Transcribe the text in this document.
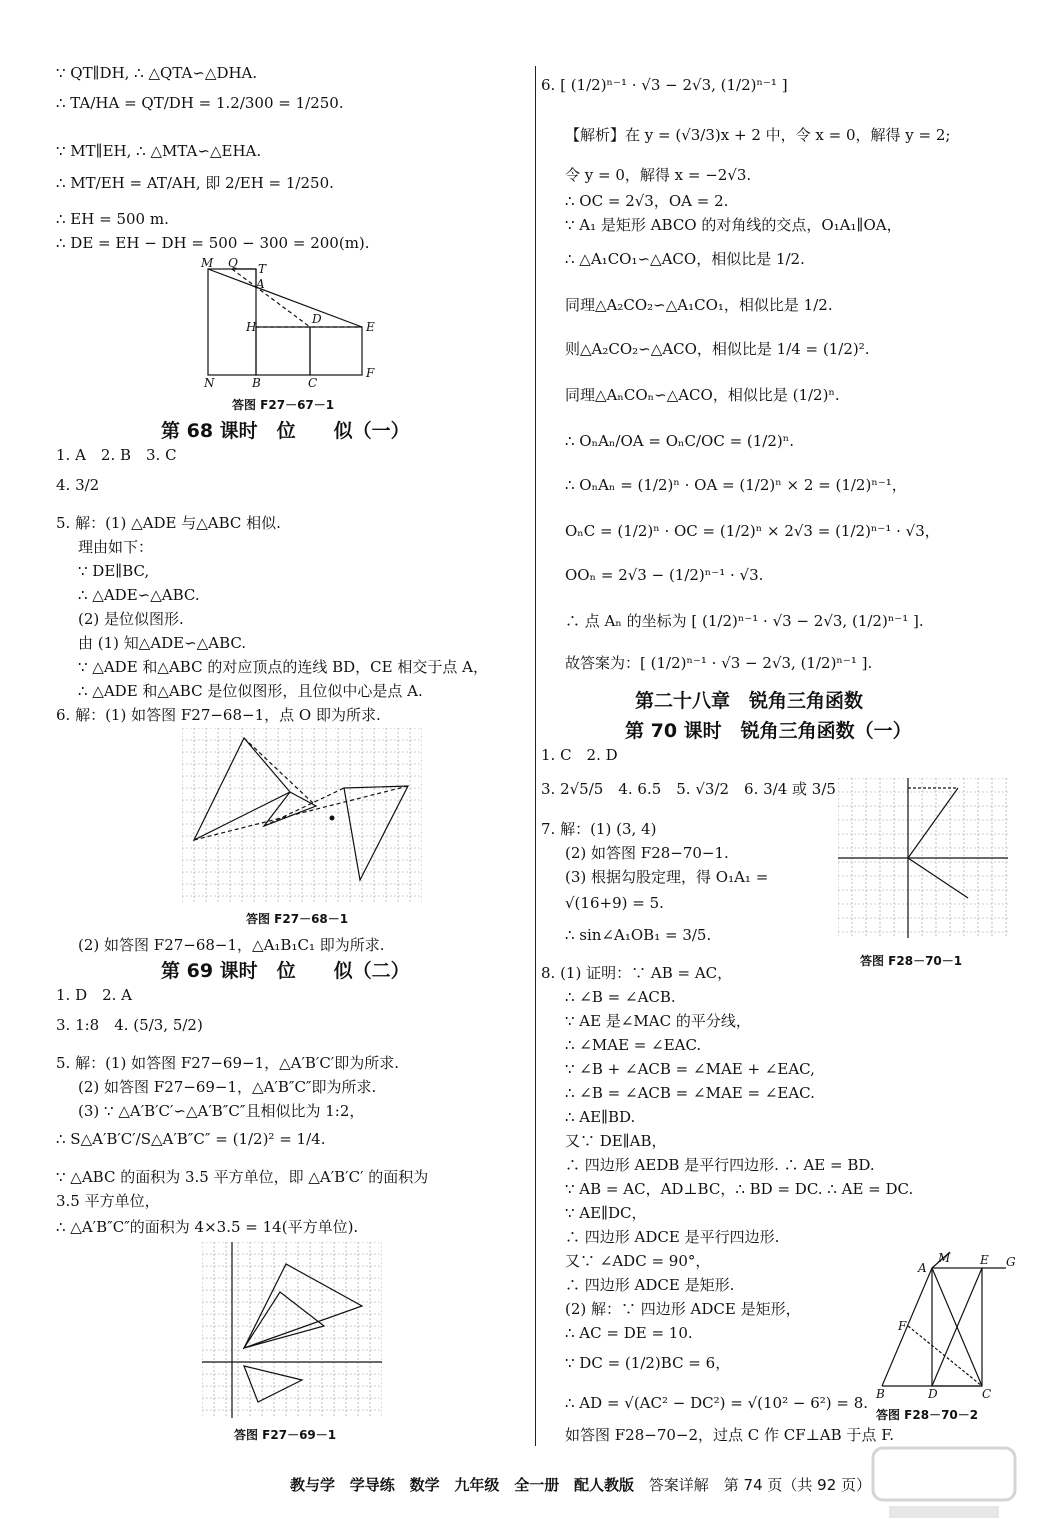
∵ QT∥DH, ∴ △QTA∽△DHA.
∴ TA/HA = QT/DH = 1.2/300 = 1/250.
∵ MT∥EH, ∴ △MTA∽△EHA.
∴ MT/EH = AT/AH, 即 2/EH = 1/250.
∴ EH = 500 m.
∴ DE = EH − DH = 500 − 300 = 200(m).
第 68 课时　位　　似（一）
1. A　2. B　3. C
4. 3/2
5. 解：(1) △ADE 与△ABC 相似.
理由如下：
∵ DE∥BC,
∴ △ADE∽△ABC.
(2) 是位似图形.
由 (1) 知△ADE∽△ABC.
∵ △ADE 和△ABC 的对应顶点的连线 BD，CE 相交于点 A，
∴ △ADE 和△ABC 是位似图形，且位似中心是点 A.
6. 解：(1) 如答图 F27−68−1，点 O 即为所求.
(2) 如答图 F27−68−1，△A₁B₁C₁ 即为所求.
第 69 课时　位　　似（二）
1. D　2. A
3. 1:8　4. (5/3, 5/2)
5. 解：(1) 如答图 F27−69−1，△A′B′C′即为所求.
(2) 如答图 F27−69−1，△A′B″C″即为所求.
(3) ∵ △A′B′C′∽△A′B″C″且相似比为 1:2，
∴ S△A′B′C′/S△A′B″C″ = (1/2)² = 1/4.
∵ △ABC 的面积为 3.5 平方单位，即 △A′B′C′ 的面积为
3.5 平方单位，
∴ △A′B″C″的面积为 4×3.5 = 14(平方单位).
6. [ (1/2)ⁿ⁻¹ · √3 − 2√3, (1/2)ⁿ⁻¹ ]
【解析】在 y = (√3/3)x + 2 中，令 x = 0，解得 y = 2;
令 y = 0，解得 x = −2√3.
∴ OC = 2√3，OA = 2.
∵ A₁ 是矩形 ABCO 的对角线的交点，O₁A₁∥OA，
∴ △A₁CO₁∽△ACO，相似比是 1/2.
同理△A₂CO₂∽△A₁CO₁，相似比是 1/2.
则△A₂CO₂∽△ACO，相似比是 1/4 = (1/2)².
同理△AₙCOₙ∽△ACO，相似比是 (1/2)ⁿ.
∴ OₙAₙ/OA = OₙC/OC = (1/2)ⁿ.
∴ OₙAₙ = (1/2)ⁿ · OA = (1/2)ⁿ × 2 = (1/2)ⁿ⁻¹，
OₙC = (1/2)ⁿ · OC = (1/2)ⁿ × 2√3 = (1/2)ⁿ⁻¹ · √3，
OOₙ = 2√3 − (1/2)ⁿ⁻¹ · √3.
∴ 点 Aₙ 的坐标为 [ (1/2)ⁿ⁻¹ · √3 − 2√3, (1/2)ⁿ⁻¹ ].
故答案为：[ (1/2)ⁿ⁻¹ · √3 − 2√3, (1/2)ⁿ⁻¹ ].
第二十八章　锐角三角函数
第 70 课时　锐角三角函数（一）
1. C　2. D
3. 2√5/5　4. 6.5　5. √3/2　6. 3/4 或 3/5
7. 解：(1) (3, 4)
(2) 如答图 F28−70−1.
(3) 根据勾股定理，得 O₁A₁ =
√(16+9) = 5.
∴ sin∠A₁OB₁ = 3/5.
8. (1) 证明：∵ AB = AC，
∴ ∠B = ∠ACB.
∵ AE 是∠MAC 的平分线，
∴ ∠MAE = ∠EAC.
∵ ∠B + ∠ACB = ∠MAE + ∠EAC,
∴ ∠B = ∠ACB = ∠MAE = ∠EAC.
∴ AE∥BD.
又∵ DE∥AB，
∴ 四边形 AEDB 是平行四边形. ∴ AE = BD.
∵ AB = AC，AD⊥BC，∴ BD = DC. ∴ AE = DC.
∵ AE∥DC，
∴ 四边形 ADCE 是平行四边形.
又∵ ∠ADC = 90°，
∴ 四边形 ADCE 是矩形.
(2) 解：∵ 四边形 ADCE 是矩形，
∴ AC = DE = 10.
∵ DC = (1/2)BC = 6，
∴ AD = √(AC² − DC²) = √(10² − 6²) = 8.
如答图 F28−70−2，过点 C 作 CF⊥AB 于点 F.
M Q T
A
H
D
E
N	B	C
F
答图 F27－67－1
答图 F27－68－1
答图 F27－69－1
答图 F28－70－1
M
A
E G
F
B	D	C
答图 F28－70－2
教与学 学导练 数学 九年级 全一册 配人教版 答案详解　第 74 页（共 92 页）
